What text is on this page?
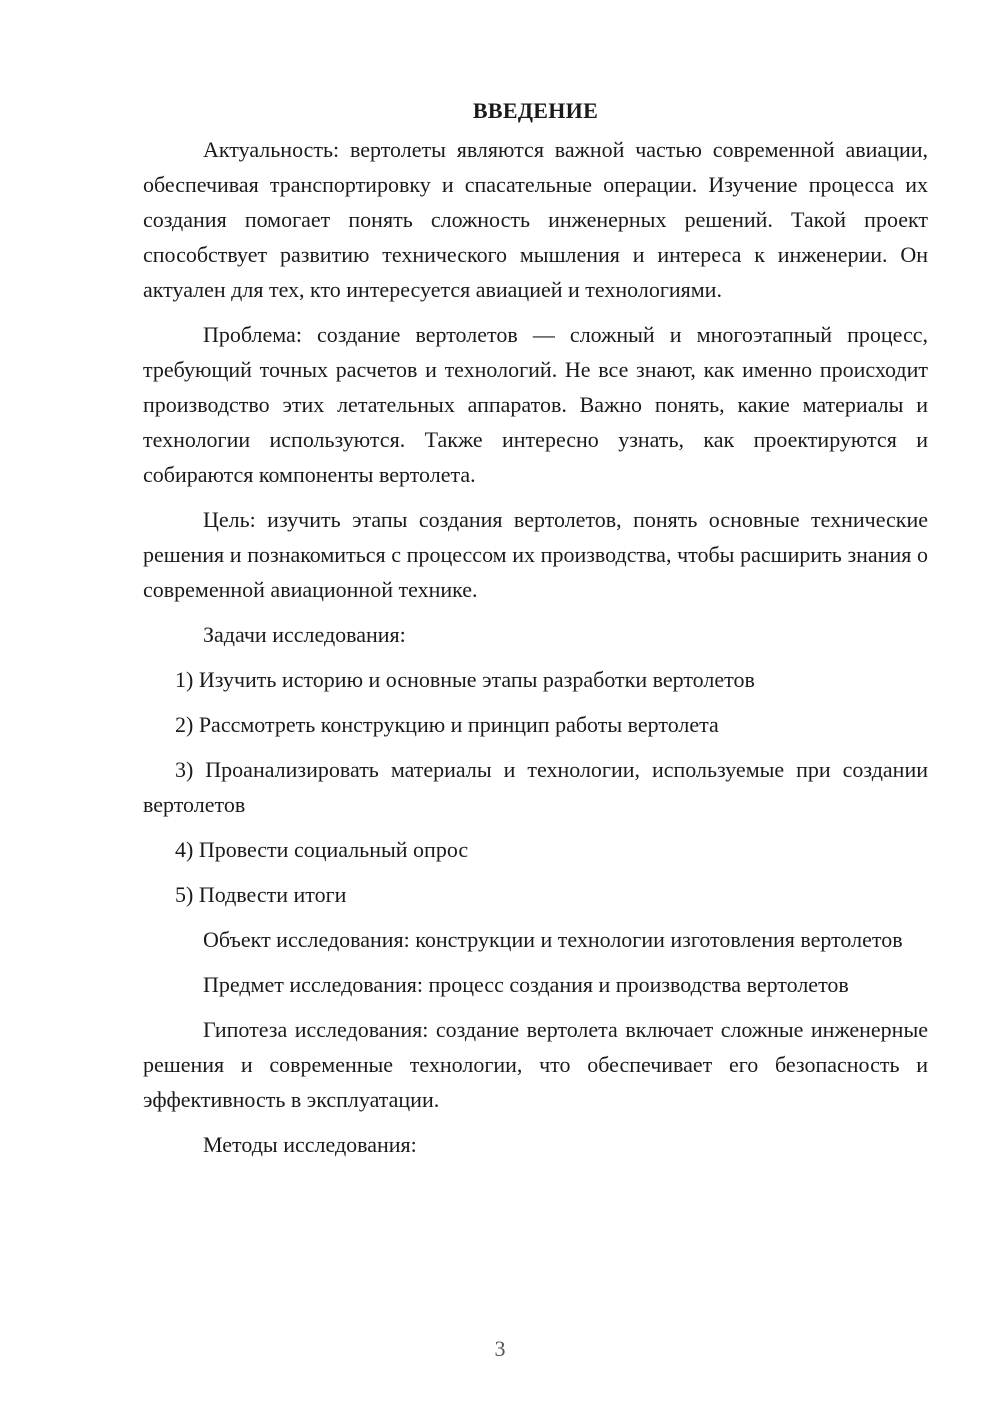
ВВЕДЕНИЕ

Актуальность: вертолеты являются важной частью современной авиации, обеспечивая транспортировку и спасательные операции. Изучение процесса их создания помогает понять сложность инженерных решений. Такой проект способствует развитию технического мышления и интереса к инженерии. Он актуален для тех, кто интересуется авиацией и технологиями.

Проблема: создание вертолетов — сложный и многоэтапный процесс, требующий точных расчетов и технологий. Не все знают, как именно происходит производство этих летательных аппаратов. Важно понять, какие материалы и технологии используются. Также интересно узнать, как проектируются и собираются компоненты вертолета.

Цель: изучить этапы создания вертолетов, понять основные технические решения и познакомиться с процессом их производства, чтобы расширить знания о современной авиационной технике.

Задачи исследования:

1) Изучить историю и основные этапы разработки вертолетов

2) Рассмотреть конструкцию и принцип работы вертолета

3) Проанализировать материалы и технологии, используемые при создании вертолетов

4) Провести социальный опрос

5) Подвести итоги

Объект исследования: конструкции и технологии изготовления вертолетов

Предмет исследования: процесс создания и производства вертолетов

Гипотеза исследования: создание вертолета включает сложные инженерные решения и современные технологии, что обеспечивает его безопасность и эффективность в эксплуатации.

Методы исследования:

3
